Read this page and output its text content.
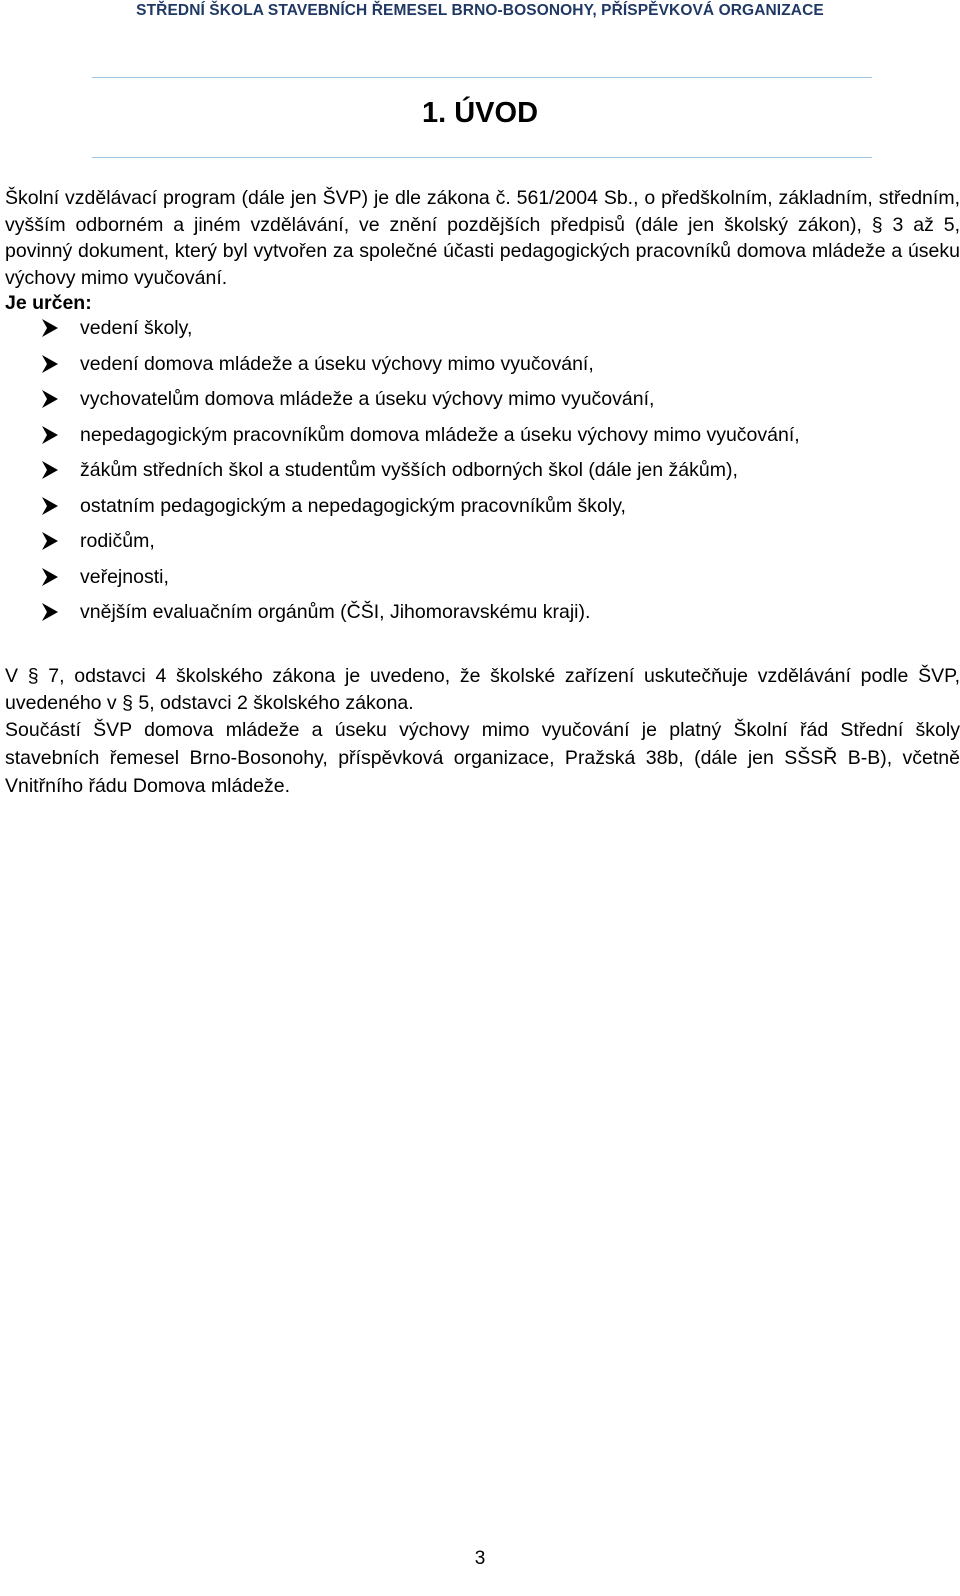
STŘEDNÍ ŠKOLA STAVEBNÍCH ŘEMESEL BRNO-BOSONOHY, PŘÍSPĚVKOVÁ ORGANIZACE
1. ÚVOD
Školní vzdělávací program (dále jen ŠVP) je dle zákona č. 561/2004 Sb., o předškolním, základním, středním, vyšším odborném a jiném vzdělávání, ve znění pozdějších předpisů (dále jen školský zákon), § 3 až 5, povinný dokument, který byl vytvořen za společné účasti pedagogických pracovníků domova mládeže a úseku výchovy mimo vyučování.
Je určen:
vedení školy,
vedení domova mládeže a úseku výchovy mimo vyučování,
vychovatelům domova mládeže a úseku výchovy mimo vyučování,
nepedagogickým pracovníkům domova mládeže a úseku výchovy mimo vyučování,
žákům středních škol a studentům vyšších odborných škol (dále jen žákům),
ostatním pedagogickým a nepedagogickým pracovníkům školy,
rodičům,
veřejnosti,
vnějším evaluačním orgánům (ČŠI, Jihomoravskému kraji).
V § 7, odstavci 4 školského zákona je uvedeno, že školské zařízení uskutečňuje vzdělávání podle ŠVP, uvedeného v § 5, odstavci 2 školského zákona.
Součástí ŠVP domova mládeže a úseku výchovy mimo vyučování je platný Školní řád Střední školy stavebních řemesel Brno-Bosonohy, příspěvková organizace, Pražská 38b, (dále jen SŠSŘ B-B), včetně Vnitřního řádu Domova mládeže.
3
